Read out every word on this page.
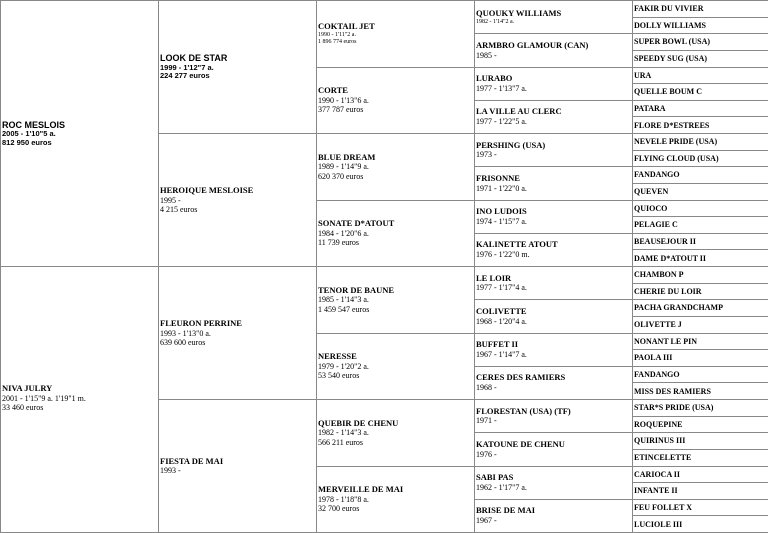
ROC MESLOIS
2005 - 1'10"5 a.
812 950 euros	LOOK DE STAR
1999 - 1'12"7 a.
224 277 euros	COKTAIL JET
1990 - 1'11"2 a.
1 896 774 euros	QUOUKY WILLIAMS
1982 - 1'14"2 a.	FAKIR DU VIVIER
				DOLLY WILLIAMS

			ARMBRO GLAMOUR (CAN)
1985 -	SUPER BOWL (USA)
				SPEEDY SUG (USA)

		CORTE
1990 - 1'13"6 a.
377 787 euros	LURABO
1977 - 1'13"7 a.	URA
				QUELLE BOUM C

			LA VILLE AU CLERC
1977 - 1'22"5 a.	PATARA
				FLORE D*ESTREES

	HEROIQUE MESLOISE
1995 -
4 215 euros	BLUE DREAM
1989 - 1'14"9 a.
620 370 euros	PERSHING (USA)
1973 -	NEVELE PRIDE (USA)
				FLYING CLOUD (USA)

			FRISONNE
1971 - 1'22"0 a.	FANDANGO
				QUEVEN

		SONATE D*ATOUT
1984 - 1'20"6 a.
11 739 euros	INO LUDOIS
1974 - 1'15"7 a.	QUIOCO
				PELAGIE C

			KALINETTE ATOUT
1976 - 1'22"0 m.	BEAUSEJOUR II
				DAME D*ATOUT II

NIVA JULRY
2001 - 1'15"9 a. 1'19"1 m.
33 460 euros	FLEURON PERRINE
1993 - 1'13"0 a.
639 600 euros	TENOR DE BAUNE
1985 - 1'14"3 a.
1 459 547 euros	LE LOIR
1977 - 1'17"4 a.	CHAMBON P
				CHERIE DU LOIR

			COLIVETTE
1968 - 1'20"4 a.	PACHA GRANDCHAMP
				OLIVETTE J

		NERESSE
1979 - 1'20"2 a.
53 540 euros	BUFFET II
1967 - 1'14"7 a.	NONANT LE PIN
				PAOLA III

			CERES DES RAMIERS
1968 -	FANDANGO
				MISS DES RAMIERS

	FIESTA DE MAI
1993 -	QUEBIR DE CHENU
1982 - 1'14"3 a.
566 211 euros	FLORESTAN (USA) (TF)
1971 -	STAR*S PRIDE (USA)
				ROQUEPINE

			KATOUNE DE CHENU
1976 -	QUIRINUS III
				ETINCELETTE

		MERVEILLE DE MAI
1978 - 1'18"8 a.
32 700 euros	SABI PAS
1962 - 1'17"7 a.	CARIOCA II
				INFANTE II

			BRISE DE MAI
1967 -	FEU FOLLET X
				LUCIOLE III
